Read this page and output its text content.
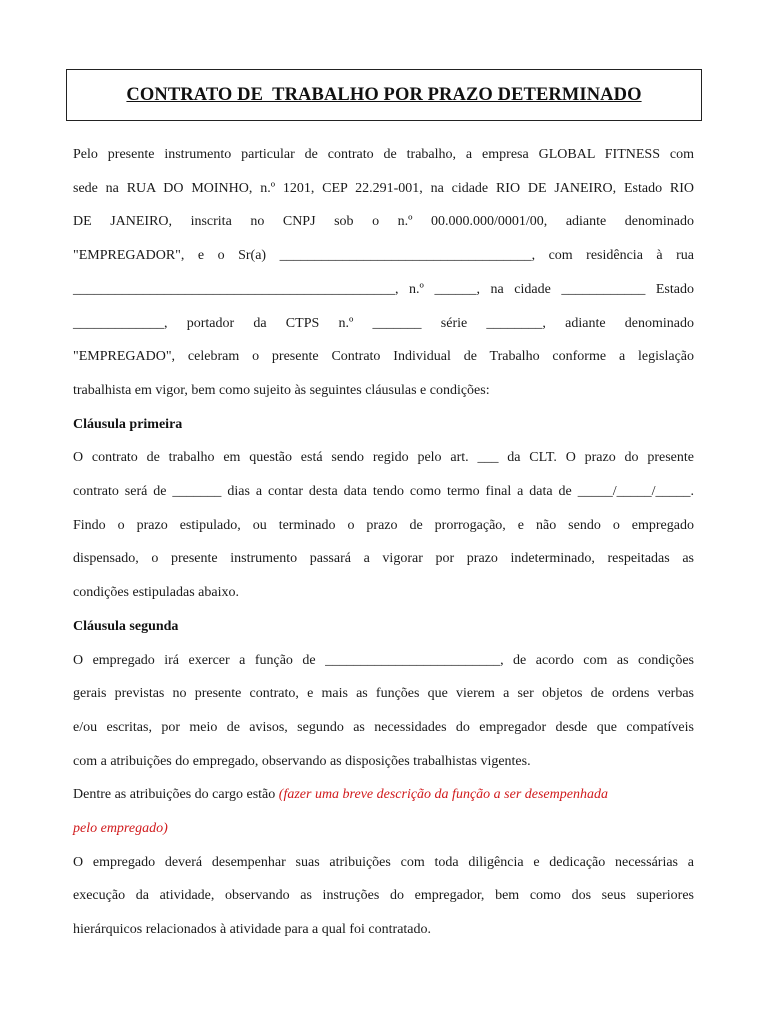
CONTRATO DE  TRABALHO POR PRAZO DETERMINADO

Pelo presente instrumento particular de contrato de trabalho, a empresa GLOBAL FITNESS com
sede na RUA DO MOINHO, n.º 1201, CEP 22.291-001, na cidade RIO DE JANEIRO, Estado RIO
DE JANEIRO, inscrita no CNPJ sob o n.º 00.000.000/0001/00, adiante denominado
"EMPREGADOR", e o Sr(a) ____________________________________, com residência à rua
______________________________________________, n.º ______, na cidade ____________ Estado
_____________, portador da CTPS n.º _______ série ________, adiante denominado
"EMPREGADO", celebram o presente Contrato Individual de Trabalho conforme a legislação
trabalhista em vigor, bem como sujeito às seguintes cláusulas e condições:

Cláusula primeira

O contrato de trabalho em questão está sendo regido pelo art. ___ da CLT. O prazo do presente
contrato será de _______ dias a contar desta data tendo como termo final a data de _____/_____/_____.
Findo o prazo estipulado, ou terminado o prazo de prorrogação, e não sendo o empregado
dispensado, o presente instrumento passará a vigorar por prazo indeterminado, respeitadas as
condições estipuladas abaixo.

Cláusula segunda

O empregado irá exercer a função de _________________________, de acordo com as condições
gerais previstas no presente contrato, e mais as funções que vierem a ser objetos de ordens verbas
e/ou escritas, por meio de avisos, segundo as necessidades do empregador desde que compatíveis
com a atribuições do empregado, observando as disposições trabalhistas vigentes.

Dentre as atribuições do cargo estão (fazer uma breve descrição da função a ser desempenhada
pelo empregado)

O empregado deverá desempenhar suas atribuições com toda diligência e dedicação necessárias a
execução da atividade, observando as instruções do empregador, bem como dos seus superiores
hierárquicos relacionados à atividade para a qual foi contratado.
